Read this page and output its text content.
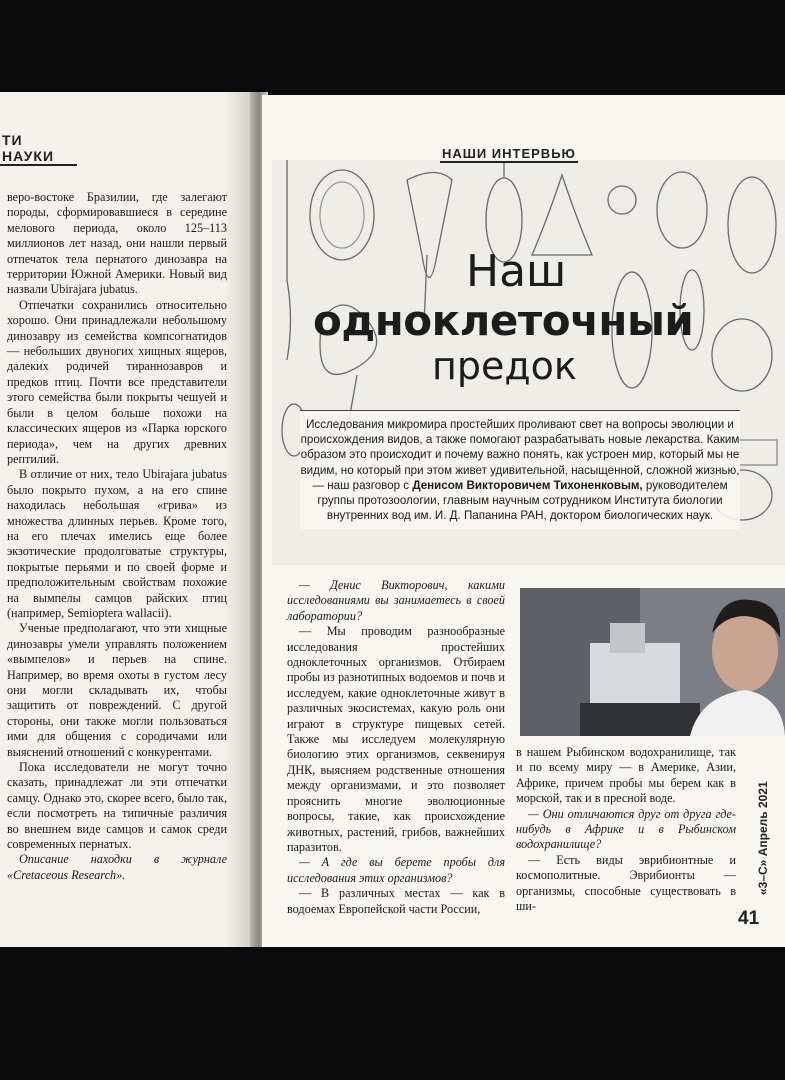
ТИ НАУКИ

веро-востоке Бразилии, где залегают породы, сформировавшиеся в середине мелового периода, около 125–113 миллионов лет назад, они нашли первый отпечаток тела пернатого динозавра на территории Южной Америки. Новый вид назвали Ubirajara jubatus.

Отпечатки сохранились относительно хорошо. Они принадлежали небольшому динозавру из семейства компсогнатидов — небольших двуногих хищных ящеров, далеких родичей тираннозавров и предков птиц. Почти все представители этого семейства были покрыты чешуей и были в целом больше похожи на классических ящеров из «Парка юрского периода», чем на других древних рептилий.

В отличие от них, тело Ubirajara jubatus было покрыто пухом, а на его спине находилась небольшая «грива» из множества длинных перьев. Кроме того, на его плечах имелись еще более экзотические продолговатые структуры, покрытые перьями и по своей форме и предположительным свойствам похожие на вымпелы самцов райских птиц (например, Semioptera wallacii).

Ученые предполагают, что эти хищные динозавры умели управлять положением «вымпелов» и перьев на спине. Например, во время охоты в густом лесу они могли складывать их, чтобы защитить от повреждений. С другой стороны, они также могли пользоваться ими для общения с сородичами или выяснений отношений с конкурентами.

Пока исследователи не могут точно сказать, принадлежат ли эти отпечатки самцу. Однако это, скорее всего, было так, если посмотреть на типичные различия во внешнем виде самцов и самок среди современных пернатых.

Описание находки в журнале «Cretaceous Research».

Наш
одноклеточный
предок
НАШИ ИНТЕРВЬЮ
Исследования микромира простейших проливают свет на вопросы эволюции и происхождения видов, а также помогают разрабатывать новые лекарства. Каким образом это происходит и почему важно понять, как устроен мир, который мы не видим, но который при этом живет удивительной, насыщенной, сложной жизнью, — наш разговор с Денисом Викторовичем Тихоненковым, руководителем группы протозоологии, главным научным сотрудником Института биологии внутренних вод им. И. Д. Папанина РАН, доктором биологических наук.

— Денис Викторович, какими исследованиями вы занимаетесь в своей лаборатории?

— Мы проводим разнообразные исследования простейших одноклеточных организмов. Отбираем пробы из разнотипных водоемов и почв и исследуем, какие одноклеточные живут в различных экосистемах, какую роль они играют в структуре пищевых сетей. Также мы исследуем молекулярную биологию этих организмов, секвенируя ДНК, выясняем родственные отношения между организмами, и это позволяет прояснить многие эволюционные вопросы, такие, как происхождение животных, растений, грибов, важнейших паразитов.

— А где вы берете пробы для исследования этих организмов?

— В различных местах — как в водоемах Европейской части России,

в нашем Рыбинском водохранилище, так и по всему миру — в Америке, Азии, Африке, причем пробы мы берем как в морской, так и в пресной воде.

— Они отличаются друг от друга где-нибудь в Африке и в Рыбинском водохранилище?

— Есть виды эврибионтные и космополитные. Эврибионты — организмы, способные существовать в ши-

«3–С» Апрель 2021
41
